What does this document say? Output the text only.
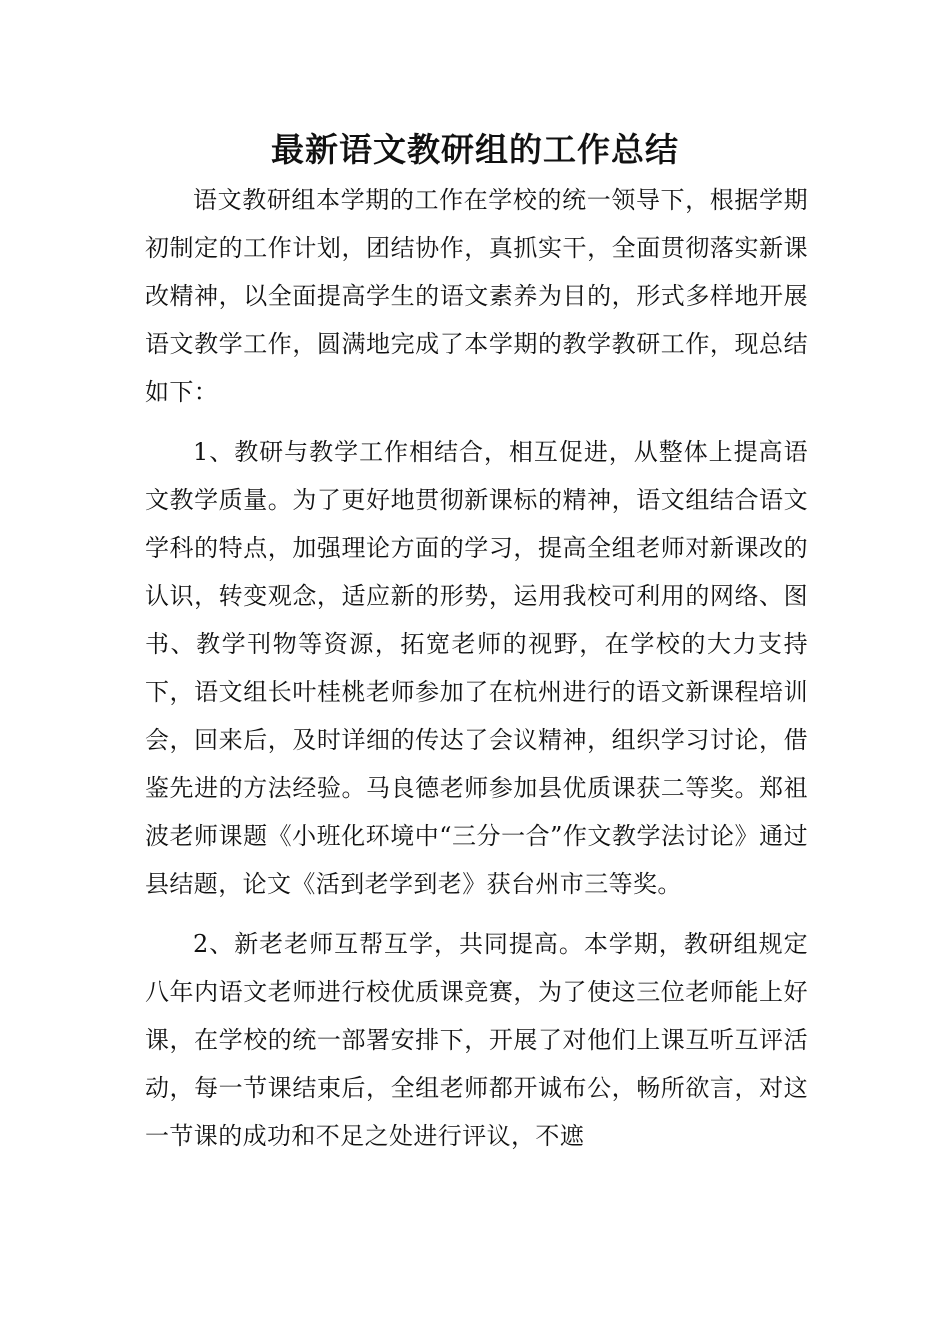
最新语文教研组的工作总结

语文教研组本学期的工作在学校的统一领导下，根据学期初制定的工作计划，团结协作，真抓实干，全面贯彻落实新课改精神，以全面提高学生的语文素养为目的，形式多样地开展语文教学工作，圆满地完成了本学期的教学教研工作，现总结如下：

1、教研与教学工作相结合，相互促进，从整体上提高语文教学质量。为了更好地贯彻新课标的精神，语文组结合语文学科的特点，加强理论方面的学习，提高全组老师对新课改的认识，转变观念，适应新的形势，运用我校可利用的网络、图书、教学刊物等资源，拓宽老师的视野，在学校的大力支持下，语文组长叶桂桃老师参加了在杭州进行的语文新课程培训会，回来后，及时详细的传达了会议精神，组织学习讨论，借鉴先进的方法经验。马良德老师参加县优质课获二等奖。郑祖波老师课题《小班化环境中“三分一合”作文教学法讨论》通过县结题，论文《活到老学到老》获台州市三等奖。

2、新老老师互帮互学，共同提高。本学期，教研组规定八年内语文老师进行校优质课竞赛，为了使这三位老师能上好课，在学校的统一部署安排下，开展了对他们上课互听互评活动，每一节课结束后，全组老师都开诚布公，畅所欲言，对这一节课的成功和不足之处进行评议，不遮
